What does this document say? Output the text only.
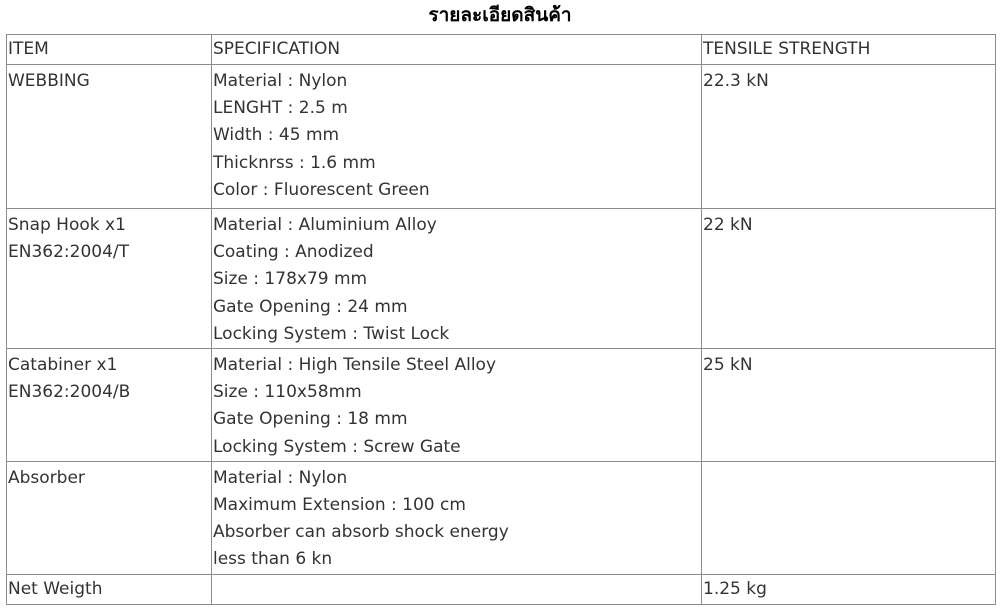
รายละเอียดสินค้า
ITEM	SPECIFICATION	TENSILE STRENGTH

WEBBING	Material : Nylon
LENGHT : 2.5 m
Width : 45 mm
Thicknrss : 1.6 mm
Color : Fluorescent Green	22.3 kN

Snap Hook x1
EN362:2004/T	Material : Aluminium Alloy
Coating : Anodized
Size : 178x79 mm
Gate Opening : 24 mm
Locking System : Twist Lock	22 kN

Catabiner x1
EN362:2004/B	Material : High Tensile Steel Alloy
Size : 110x58mm
Gate Opening : 18 mm
Locking System : Screw Gate	25 kN

Absorber	Material : Nylon
Maximum Extension : 100 cm
Absorber can absorb shock energy
less than 6 kn	

Net Weigth		1.25 kg
